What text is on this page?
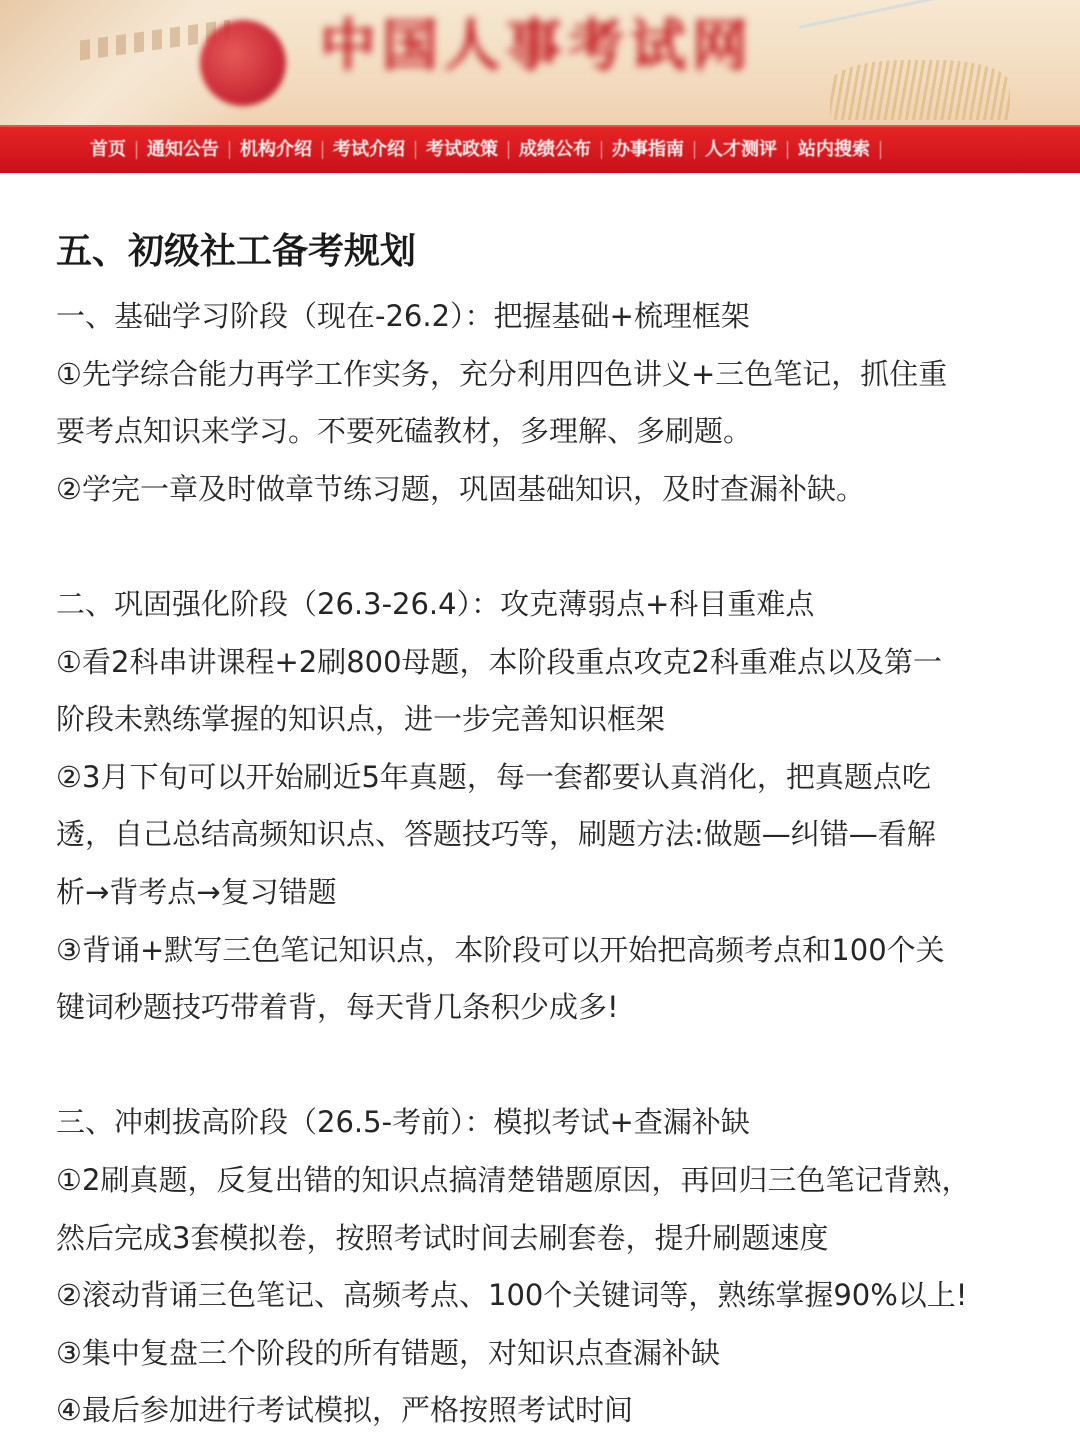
中国人事考试网
首页	通知公告	机构介绍	考试介绍	考试政策	成绩公布	办事指南	人才测评	站内搜索
五、初级社工备考规划

一、基础学习阶段（现在-26.2）：把握基础+梳理框架

①先学综合能力再学工作实务，充分利用四色讲义+三色笔记，抓住重

要考点知识来学习。不要死磕教材，多理解、多刷题。

②学完一章及时做章节练习题，巩固基础知识，及时查漏补缺。

二、巩固强化阶段（26.3-26.4）：攻克薄弱点+科目重难点

①看2科串讲课程+2刷800母题，本阶段重点攻克2科重难点以及第一

阶段未熟练掌握的知识点，进一步完善知识框架

②3月下旬可以开始刷近5年真题，每一套都要认真消化，把真题点吃

透，自己总结高频知识点、答题技巧等，刷题方法:做题—纠错—看解

析→背考点→复习错题

③背诵+默写三色笔记知识点，本阶段可以开始把高频考点和100个关

键词秒题技巧带着背，每天背几条积少成多!

三、冲刺拔高阶段（26.5-考前）：模拟考试+查漏补缺

①2刷真题，反复出错的知识点搞清楚错题原因，再回归三色笔记背熟，

然后完成3套模拟卷，按照考试时间去刷套卷，提升刷题速度

②滚动背诵三色笔记、高频考点、100个关键词等，熟练掌握90%以上!

③集中复盘三个阶段的所有错题，对知识点查漏补缺

④最后参加进行考试模拟，严格按照考试时间
